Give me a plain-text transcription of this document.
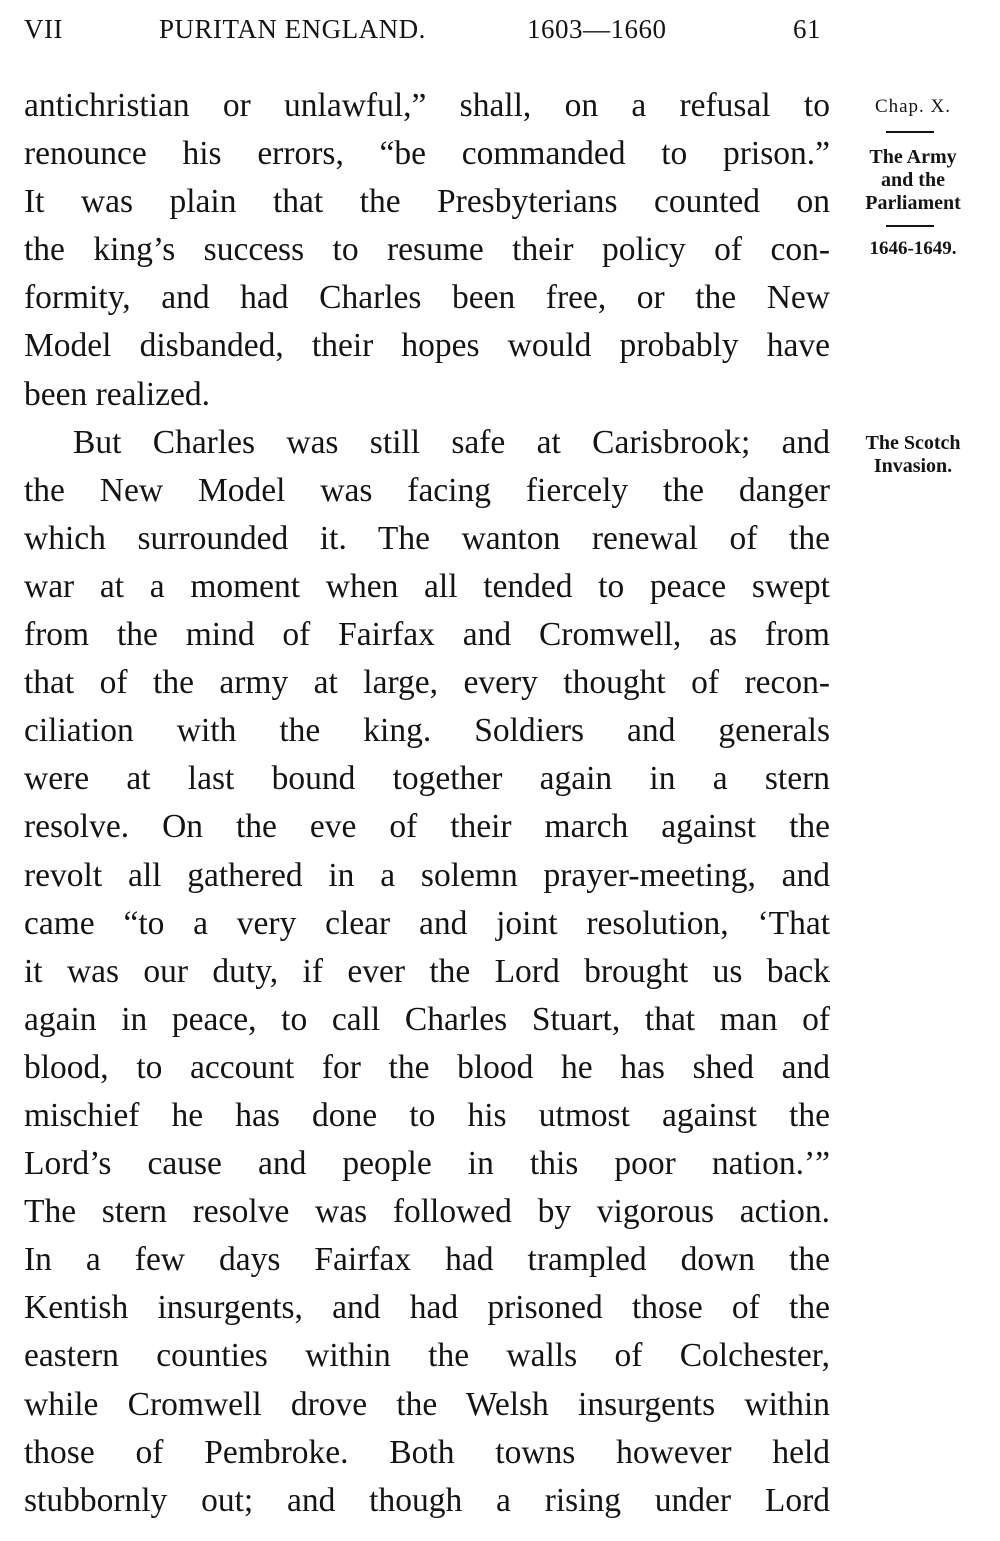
VII	PURITAN ENGLAND.	1603—1660	61
antichristian or unlawful,” shall, on a refusal to
renounce his errors, “be commanded to prison.”
It was plain that the Presbyterians counted on
the king’s success to resume their policy of con-
formity, and had Charles been free, or the New
Model disbanded, their hopes would probably have
been realized.
But Charles was still safe at Carisbrook; and
the New Model was facing fiercely the danger
which surrounded it. The wanton renewal of the
war at a moment when all tended to peace swept
from the mind of Fairfax and Cromwell, as from
that of the army at large, every thought of recon-
ciliation with the king. Soldiers and generals
were at last bound together again in a stern
resolve. On the eve of their march against the
revolt all gathered in a solemn prayer-meeting, and
came “to a very clear and joint resolution, ‘That
it was our duty, if ever the Lord brought us back
again in peace, to call Charles Stuart, that man of
blood, to account for the blood he has shed and
mischief he has done to his utmost against the
Lord’s cause and people in this poor nation.’”
The stern resolve was followed by vigorous action.
In a few days Fairfax had trampled down the
Kentish insurgents, and had prisoned those of the
eastern counties within the walls of Colchester,
while Cromwell drove the Welsh insurgents within
those of Pembroke. Both towns however held
stubbornly out; and though a rising under Lord
Chap. X.
The Army
and the
Parliament
1646-1649.
The Scotch
Invasion.
